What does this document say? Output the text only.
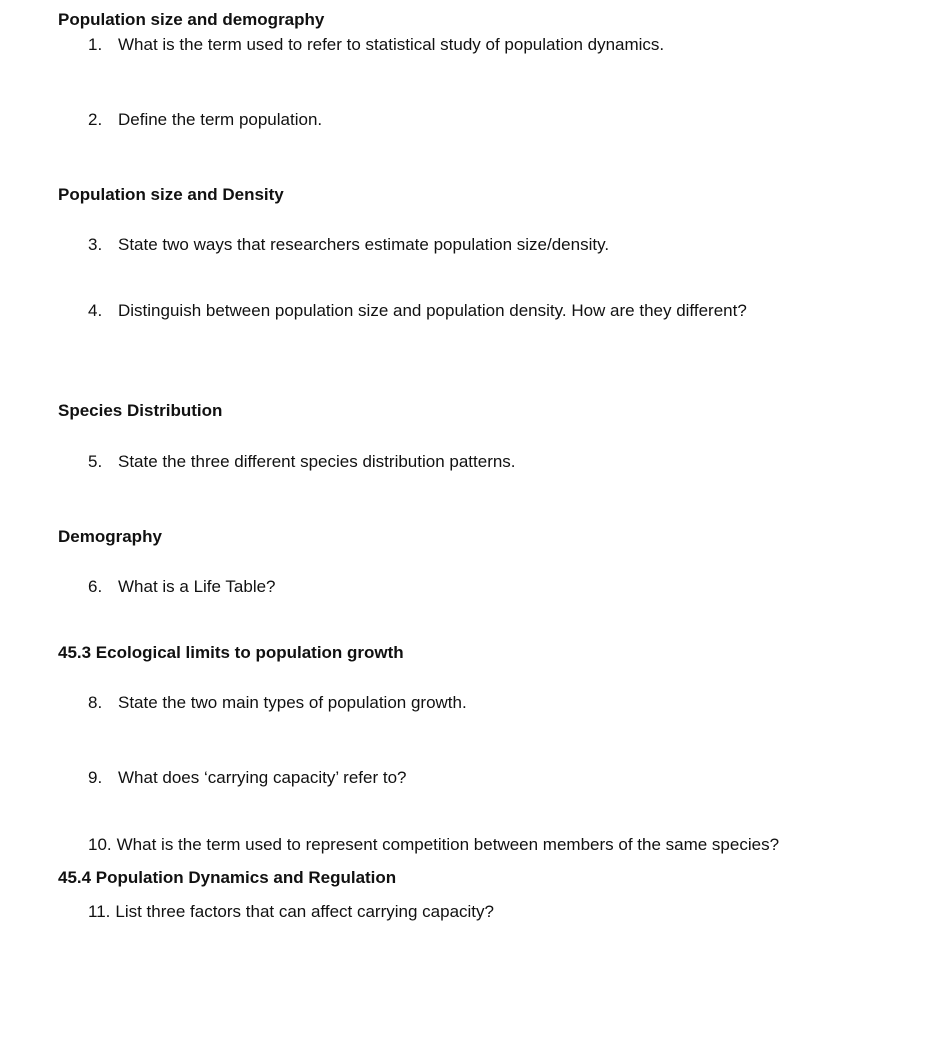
Population size and demography
1. What is the term used to refer to statistical study of population dynamics.
2. Define the term population.
Population size and Density
3. State two ways that researchers estimate population size/density.
4. Distinguish between population size and population density. How are they different?
Species Distribution
5. State the three different species distribution patterns.
Demography
6. What is a Life Table?
45.3 Ecological limits to population growth
8. State the two main types of population growth.
9. What does ‘carrying capacity’ refer to?
10. What is the term used to represent competition between members of the same species?
45.4 Population Dynamics and Regulation
11. List three factors that can affect carrying capacity?
